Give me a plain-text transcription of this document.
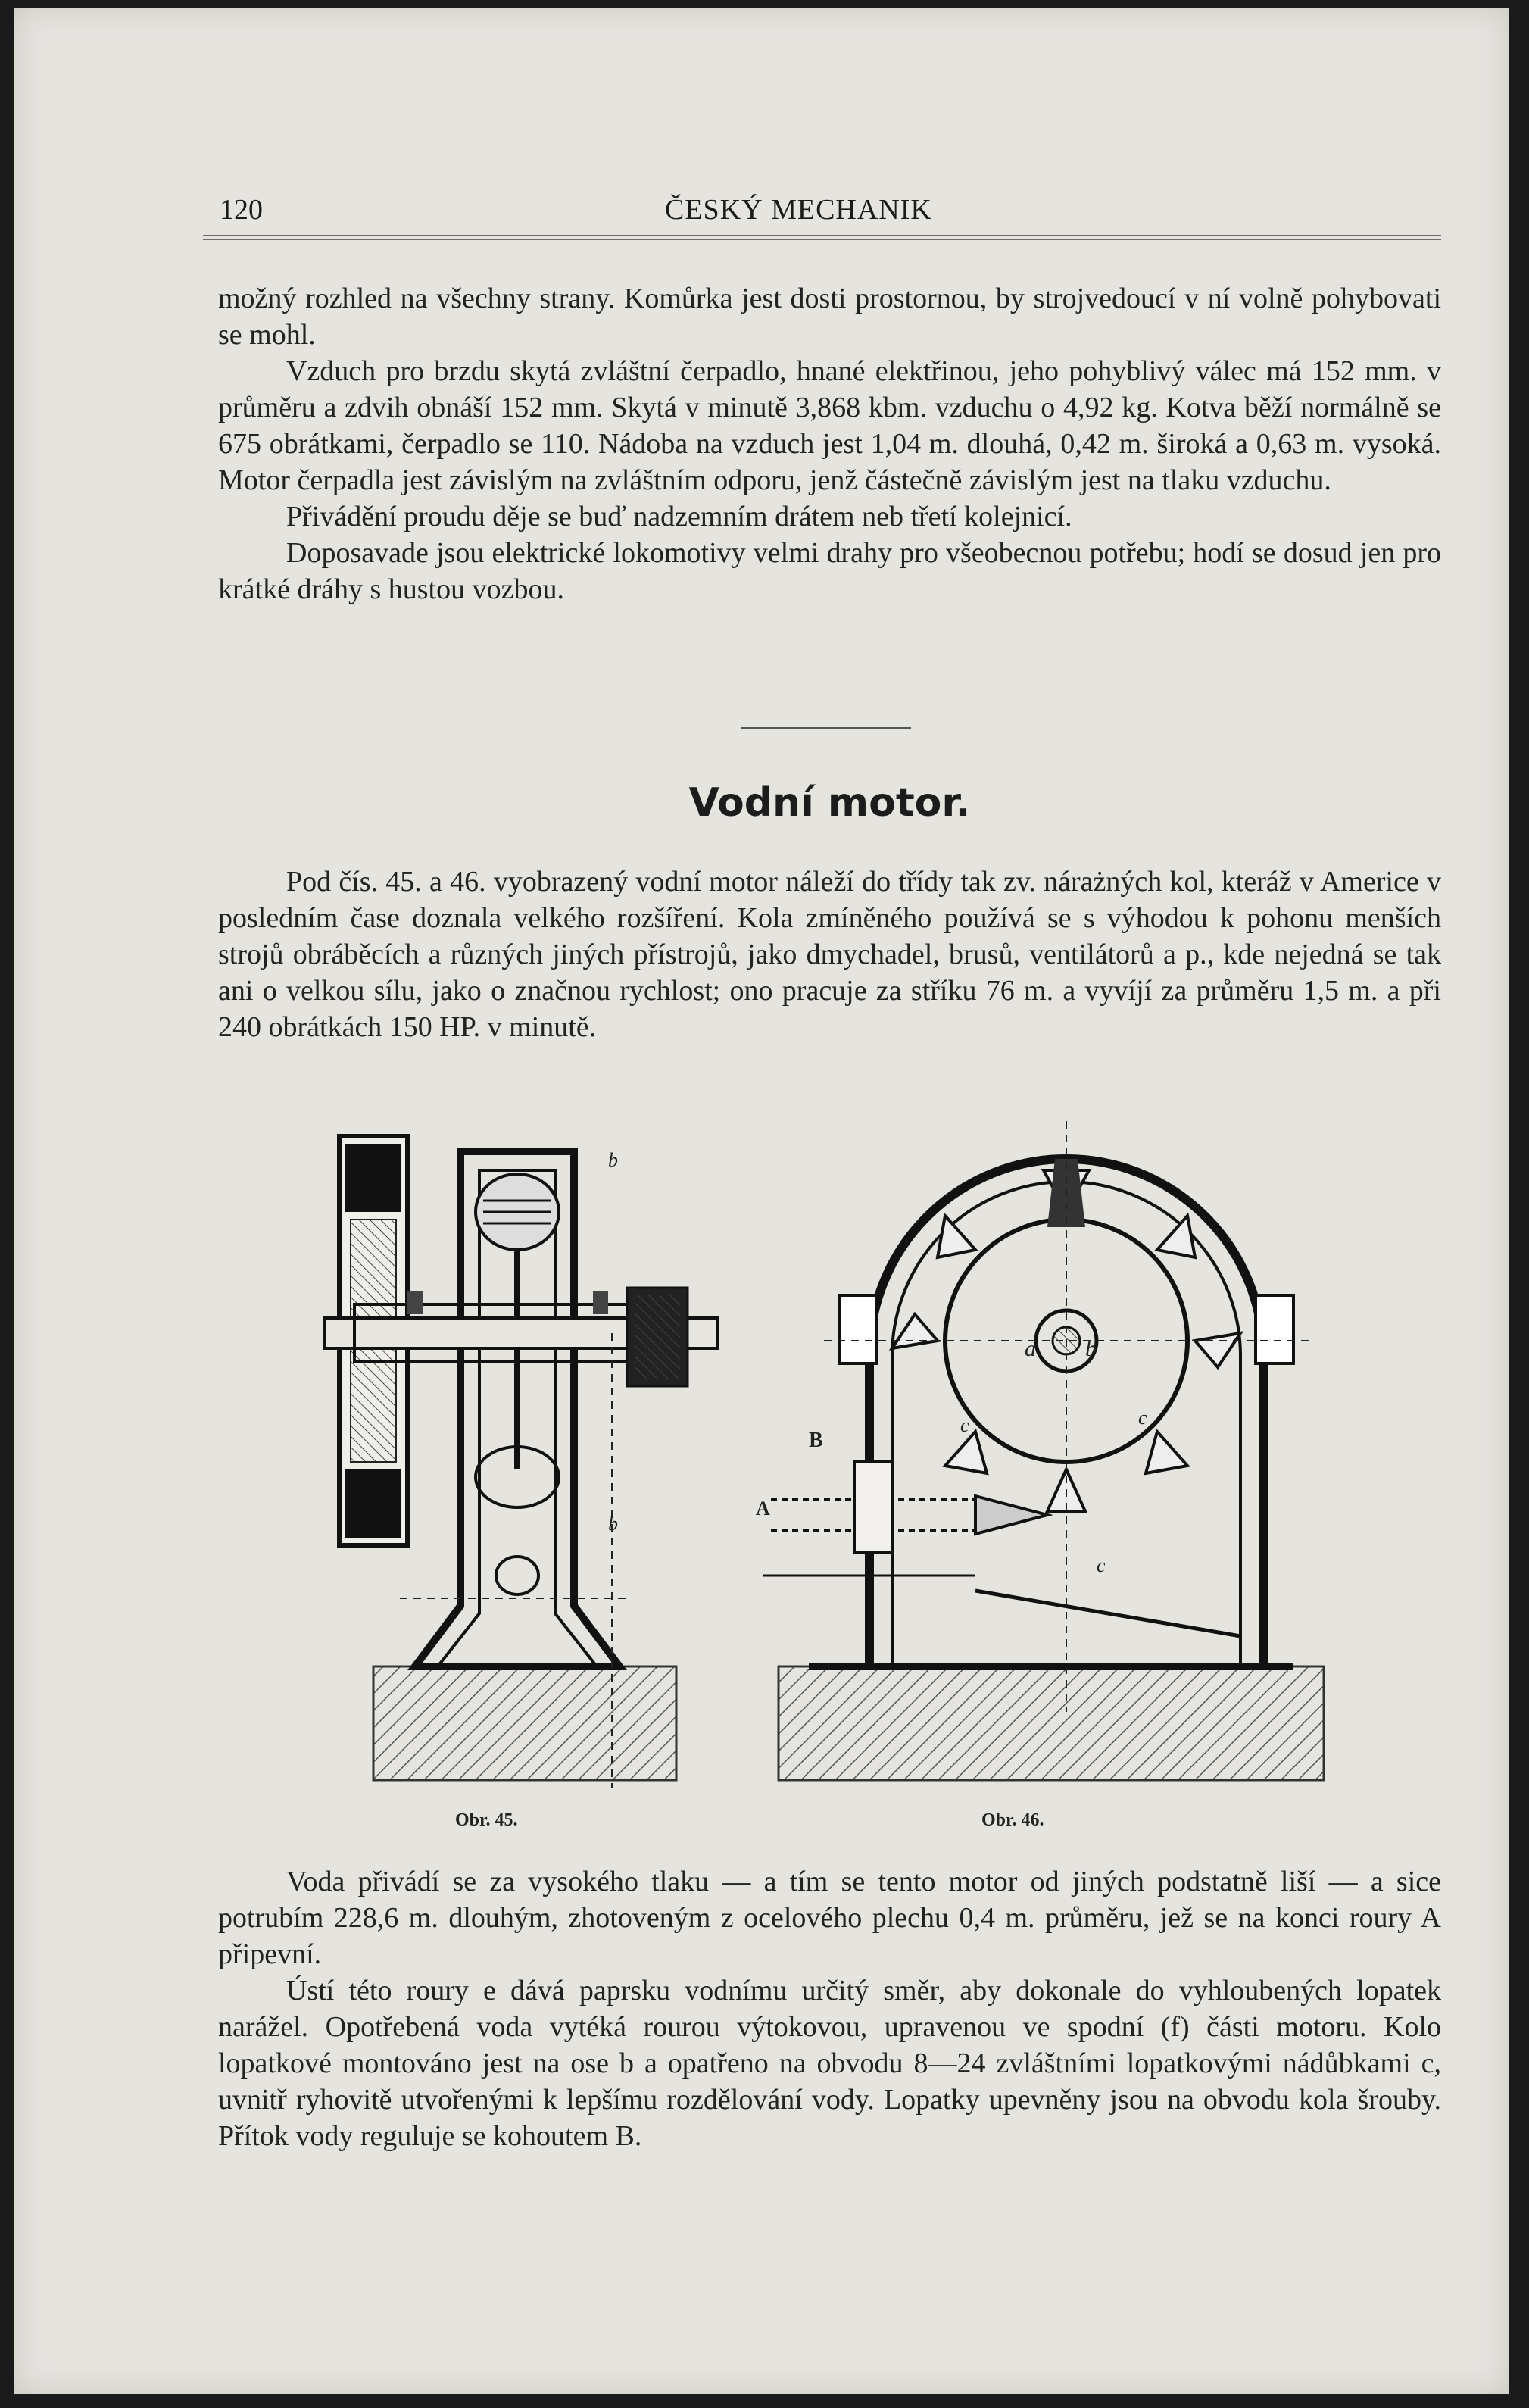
120	ČESKÝ MECHANIK

možný rozhled na všechny strany. Komůrka jest dosti prostornou, by strojvedoucí v ní volně pohybovati se mohl.

Vzduch pro brzdu skytá zvláštní čerpadlo, hnané elektřinou, jeho pohyblivý válec má 152 mm. v průměru a zdvih obnáší 152 mm. Skytá v minutě 3,868 kbm. vzduchu o 4,92 kg. Kotva běží normálně se 675 obrátkami, čerpadlo se 110. Nádoba na vzduch jest 1,04 m. dlouhá, 0,42 m. široká a 0,63 m. vysoká. Motor čerpadla jest závislým na zvláštním odporu, jenž částečně závislým jest na tlaku vzduchu.

Přivádění proudu děje se buď nadzemním drátem neb třetí kolejnicí.

Doposavade jsou elektrické lokomotivy velmi drahy pro všeobecnou potřebu; hodí se dosud jen pro krátké dráhy s hustou vozbou.

Vodní motor.

Pod čís. 45. a 46. vyobrazený vodní motor náleží do třídy tak zv. nárażných kol, kteráž v Americe v posledním čase doznala velkého rozšíření. Kola zmíněného používá se s výhodou k pohonu menších strojů obráběcích a různých jiných přístrojů, jako dmychadel, brusů, ventilátorů a p., kde nejedná se tak ani o velkou sílu, jako o značnou rychlost; ono pracuje za stříku 76 m. a vyvíjí za průměru 1,5 m. a při 240 obrátkách 150 HP. v minutě.

b
b
B
A
a b
c	c
c
Obr. 45.	Obr. 46.

Voda přivádí se za vysokého tlaku — a tím se tento motor od jiných podstatně liší — a sice potrubím 228,6 m. dlouhým, zhotoveným z ocelového plechu 0,4 m. průměru, jež se na konci roury A připevní.

Ústí této roury e dává paprsku vodnímu určitý směr, aby dokonale do vyhloubených lopatek narážel. Opotřebená voda vytéká rourou výtokovou, upravenou ve spodní (f) části motoru. Kolo lopatkové montováno jest na ose b a opatřeno na obvodu 8—24 zvláštními lopatkovými nádůbkami c, uvnitř ryhovitě utvořenými k lepšímu rozdělování vody. Lopatky upevněny jsou na obvodu kola šrouby. Přítok vody reguluje se kohoutem B.
